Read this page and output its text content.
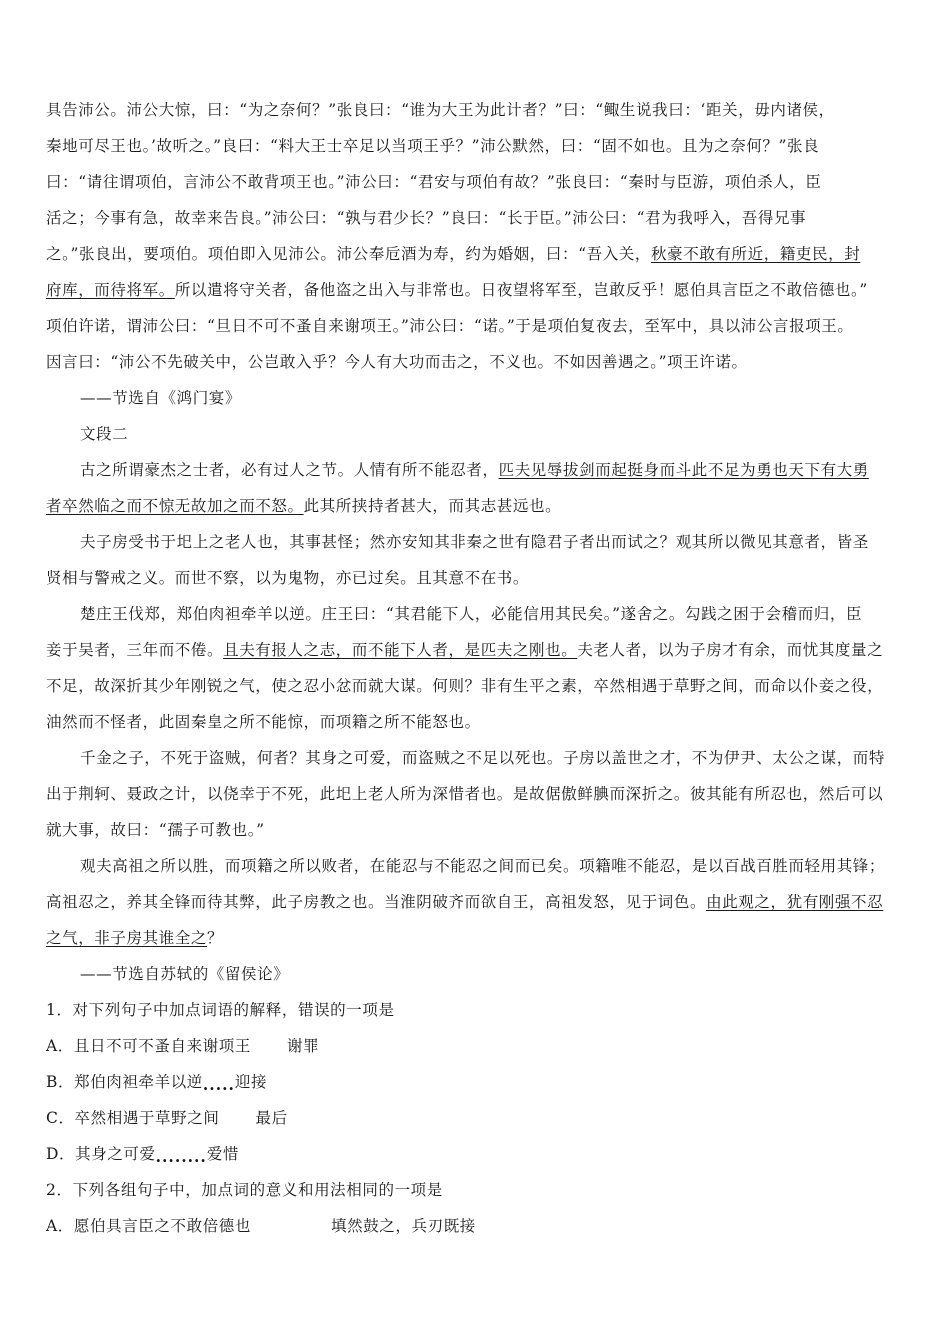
具告沛公。沛公大惊，曰：“为之奈何？”张良曰：“谁为大王为此计者？”曰：“鲰生说我曰：‘距关，毋内诸侯，
秦地可尽王也。’故听之。”良曰：“料大王士卒足以当项王乎？”沛公默然，曰：“固不如也。且为之奈何？”张良
曰：“请往谓项伯，言沛公不敢背项王也。”沛公曰：“君安与项伯有故？”张良曰：“秦时与臣游，项伯杀人，臣
活之；今事有急，故幸来告良。”沛公曰：“孰与君少长？”良曰：“长于臣。”沛公曰：“君为我呼入，吾得兄事
之。”张良出，要项伯。项伯即入见沛公。沛公奉卮酒为寿，约为婚姻，曰：“吾入关，秋豪不敢有所近，籍吏民，封
府库，而待将军。所以遣将守关者，备他盗之出入与非常也。日夜望将军至，岂敢反乎！愿伯具言臣之不敢倍德也。”
项伯许诺，谓沛公曰：“旦日不可不蚤自来谢项王。”沛公曰：“诺。”于是项伯复夜去，至军中，具以沛公言报项王。
因言曰：“沛公不先破关中，公岂敢入乎？今人有大功而击之，不义也。不如因善遇之。”项王许诺。
——节选自《鸿门宴》
文段二
古之所谓豪杰之士者，必有过人之节。人情有所不能忍者，匹夫见辱拔剑而起挺身而斗此不足为勇也天下有大勇
者卒然临之而不惊无故加之而不怒。此其所挟持者甚大，而其志甚远也。
夫子房受书于圯上之老人也，其事甚怪；然亦安知其非秦之世有隐君子者出而试之？观其所以微见其意者，皆圣
贤相与警戒之义。而世不察，以为鬼物，亦已过矣。且其意不在书。
楚庄王伐郑，郑伯肉袒牵羊以逆。庄王曰：“其君能下人，必能信用其民矣。”遂舍之。勾践之困于会稽而归，臣
妾于吴者，三年而不倦。且夫有报人之志，而不能下人者，是匹夫之刚也。夫老人者，以为子房才有余，而忧其度量之
不足，故深折其少年刚锐之气，使之忍小忿而就大谋。何则？非有生平之素，卒然相遇于草野之间，而命以仆妾之役，
油然而不怪者，此固秦皇之所不能惊，而项籍之所不能怒也。
千金之子，不死于盗贼，何者？其身之可爱，而盗贼之不足以死也。子房以盖世之才，不为伊尹、太公之谋，而特
出于荆轲、聂政之计，以侥幸于不死，此圯上老人所为深惜者也。是故倨傲鲜腆而深折之。彼其能有所忍也，然后可以
就大事，故曰：“孺子可教也。”
观夫高祖之所以胜，而项籍之所以败者，在能忍与不能忍之间而已矣。项籍唯不能忍，是以百战百胜而轻用其锋；
高祖忍之，养其全锋而待其弊，此子房教之也。当淮阴破齐而欲自王，高祖发怒，见于词色。由此观之，犹有刚强不忍
之气，非子房其谁全之？
——节选自苏轼的《留侯论》
1．对下列句子中加点词语的解释，错误的一项是
A．且日不可不蚤自来谢项王 谢罪
B．郑伯肉袒牵羊以逆.....迎接
C．卒然相遇于草野之间 最后
D．其身之可爱........爱惜
2．下列各组句子中，加点词的意义和用法相同的一项是
A．愿伯具言臣之不敢倍德也	填然鼓之，兵刃既接
